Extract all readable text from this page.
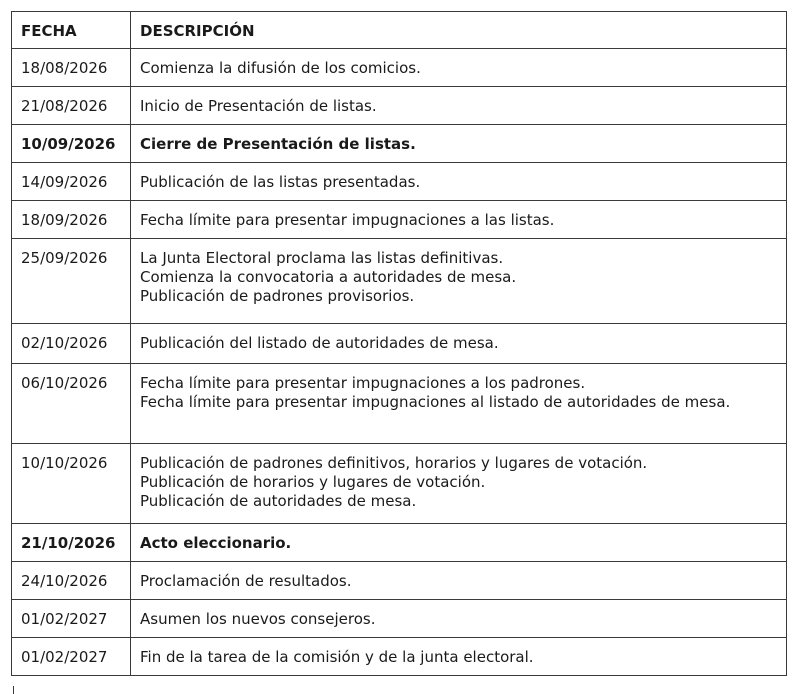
FECHA	DESCRIPCIÓN
18/08/2026	Comienza la difusión de los comicios.
21/08/2026	Inicio de Presentación de listas.
10/09/2026	Cierre de Presentación de listas.
14/09/2026	Publicación de las listas presentadas.
18/09/2026	Fecha límite para presentar impugnaciones a las listas.
25/09/2026	La Junta Electoral proclama las listas definitivas.
Comienza la convocatoria a autoridades de mesa.
Publicación de padrones provisorios.
02/10/2026	Publicación del listado de autoridades de mesa.
06/10/2026	Fecha límite para presentar impugnaciones a los padrones.
Fecha límite para presentar impugnaciones al listado de autoridades de mesa.
10/10/2026	Publicación de padrones definitivos, horarios y lugares de votación.
Publicación de horarios y lugares de votación.
Publicación de autoridades de mesa.
21/10/2026	Acto eleccionario.
24/10/2026	Proclamación de resultados.
01/02/2027	Asumen los nuevos consejeros.
01/02/2027	Fin de la tarea de la comisión y de la junta electoral.
